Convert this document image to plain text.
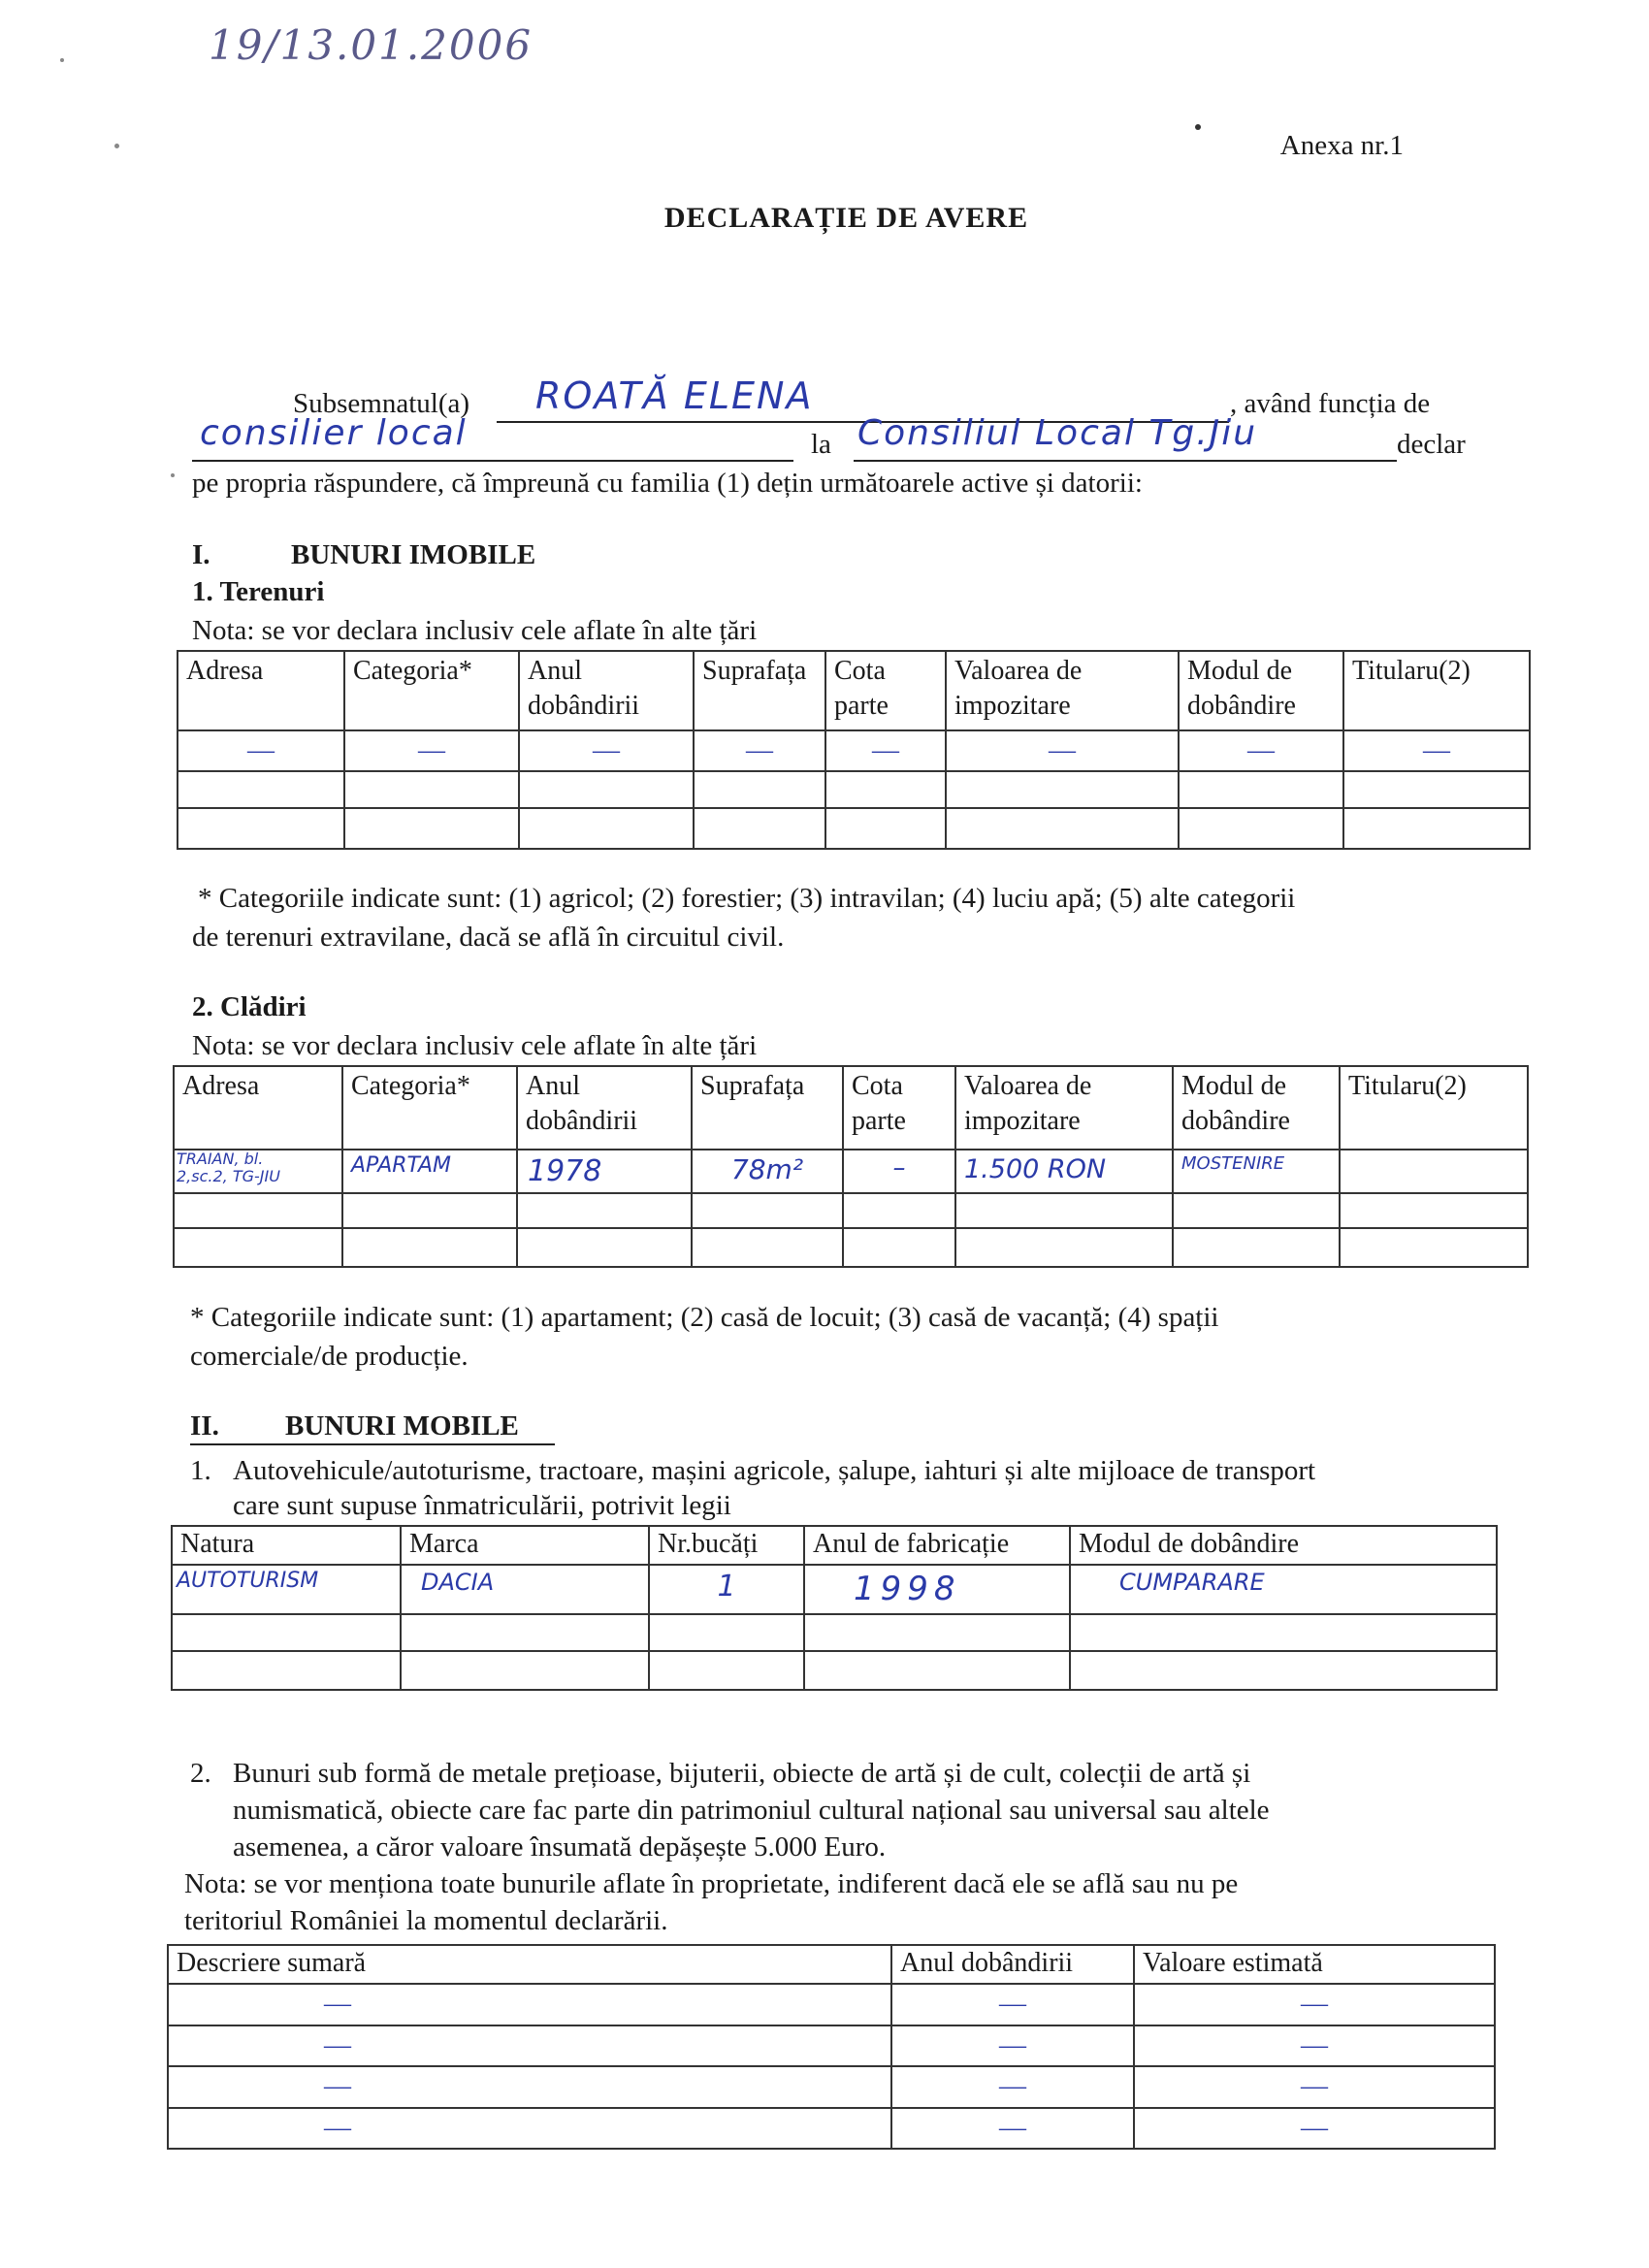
19/13.01.2006
Anexa nr.1
DECLARAȚIE DE AVERE
Subsemnatul(a) ROATĂ ELENA	, având funcția de
consilier local	la Consiliul Local Tg.Jiu	declar
pe propria răspundere, că împreună cu familia (1) dețin următoarele active și datorii:
I.	BUNURI IMOBILE
1. Terenuri
Nota: se vor declara inclusiv cele aflate în alte țări
Adresa	Categoria*	Anul dobândirii	Suprafața	Cota parte	Valoarea de impozitare	Modul de dobândire	Titularu(2)
—	—	—	—	—	—	—	—

* Categoriile indicate sunt: (1) agricol; (2) forestier; (3) intravilan; (4) luciu apă; (5) alte categorii
de terenuri extravilane, dacă se află în circuitul civil.
2. Clădiri
Nota: se vor declara inclusiv cele aflate în alte țări
Adresa	Categoria*	Anul dobândirii	Suprafața	Cota parte	Valoarea de impozitare	Modul de dobândire	Titularu(2)

TRAIAN, bl.
2,sc.2, TG-JIU	APARTAM	1978	78m²	–	1.500 RON	MOSTENIRE	

* Categoriile indicate sunt: (1) apartament; (2) casă de locuit; (3) casă de vacanță; (4) spații
comerciale/de producție.
II. BUNURI MOBILE
1. Autovehicule/autoturisme, tractoare, mașini agricole, șalupe, iahturi și alte mijloace de transport
care sunt supuse înmatriculării, potrivit legii
Natura	Marca	Nr.bucăți	Anul de fabricație	Modul de dobândire
AUTOTURISM	DACIA	1	1998	CUMPARARE

2. Bunuri sub formă de metale prețioase, bijuterii, obiecte de artă și de cult, colecții de artă și
numismatică, obiecte care fac parte din patrimoniul cultural național sau universal sau altele
asemenea, a căror valoare însumată depășește 5.000 Euro.
Nota: se vor menționa toate bunurile aflate în proprietate, indiferent dacă ele se află sau nu pe
teritoriul României la momentul declarării.
Descriere sumară	Anul dobândirii	Valoare estimată
—	—	—
—	—	—
—	—	—
—	—	—
